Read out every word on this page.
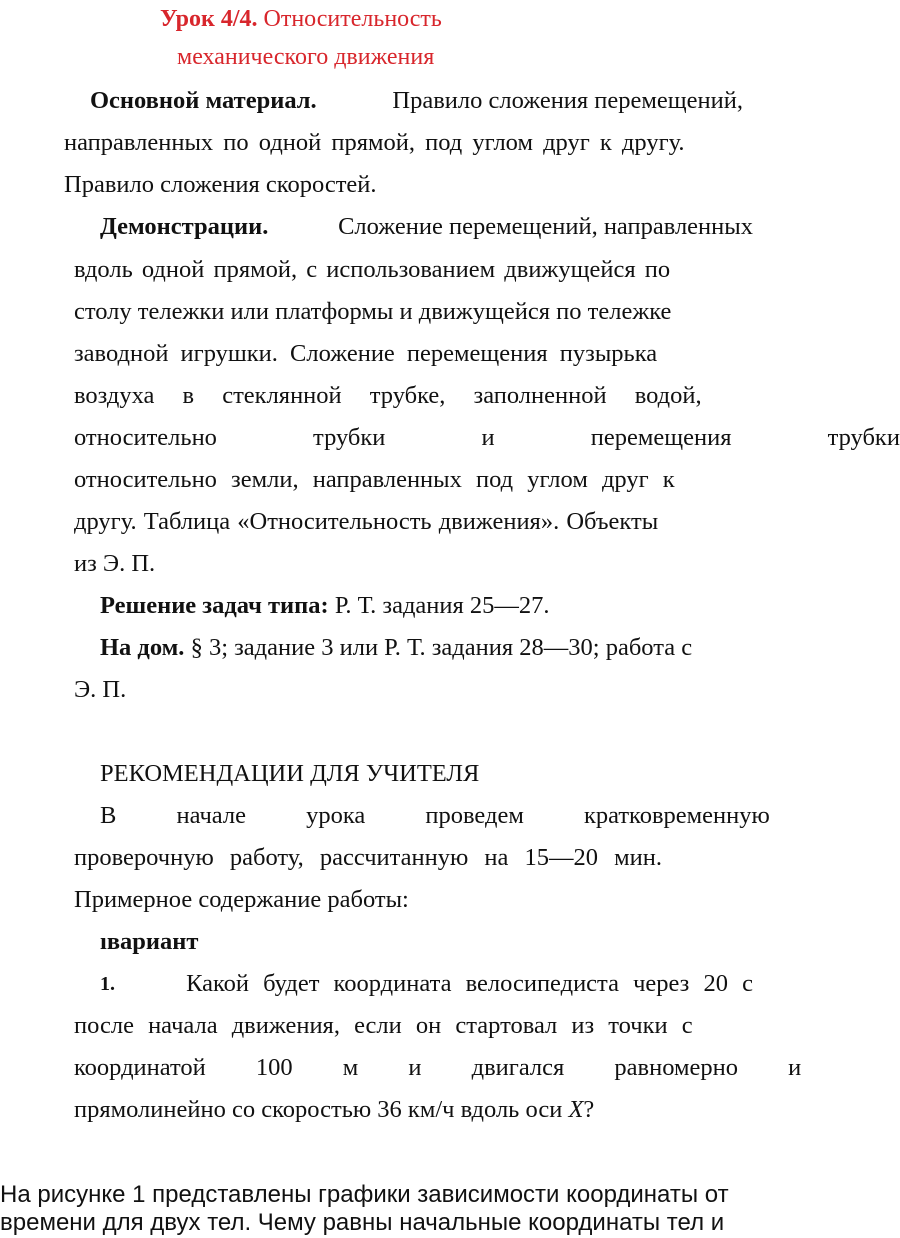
Урок 4/4. Относительность
механического движения
Основной материал.	Правило сложения перемещений,
направленных по одной прямой, под углом друг к другу.
Правило сложения скоростей.
Демонстрации.	Сложение перемещений, направленных
вдоль одной прямой, с использованием движущейся по
столу тележки или платформы и движущейся по тележке
заводной игрушки. Сложение перемещения пузырька
воздуха в стеклянной трубке, заполненной водой,
относительно трубки и перемещения трубки
относительно земли, направленных под углом друг к
другу. Таблица «Относительность движения». Объекты
из Э. П.
Решение задач типа: Р. Т. задания 25—27.
На дом. § 3; задание 3 или Р. Т. задания 28—30; работа с
Э. П.
РЕКОМЕНДАЦИИ ДЛЯ УЧИТЕЛЯ
В начале урока проведем кратковременную
проверочную работу, рассчитанную на 15—20 мин.
Примерное содержание работы:
ıвариант
1.	Какой будет координата велосипедиста через 20 с
после начала движения, если он стартовал из точки с
координатой 100 м и двигался равномерно и
прямолинейно со скоростью 36 км/ч вдоль оси X?
На рисунке 1 представлены графики зависимости координаты от
времени для двух тел. Чему равны начальные координаты тел и
